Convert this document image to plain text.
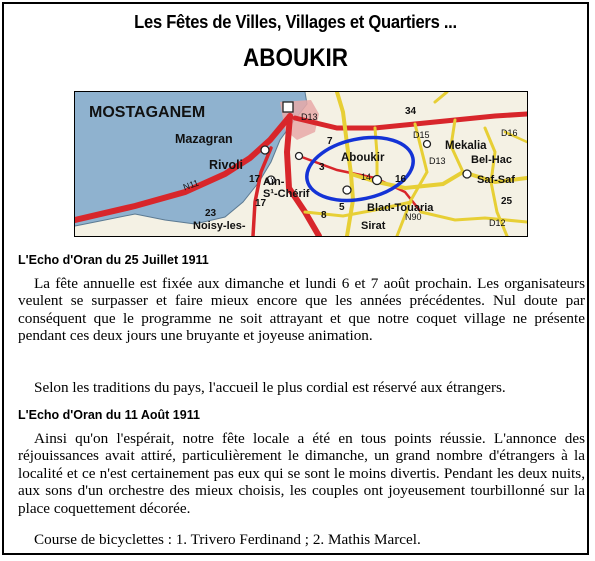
Les Fêtes de Villes, Villages et Quartiers ...
ABOUKIR
MOSTAGANEM
Mazagran
Rivoli
Aïn-
S¹-Chérif
Noisy-les-
Aboukir
Mekalia
Bel-Hac
Saf-Saf
Blad-Touaria
Sirat
D13
D13
D15	D16
N11
N90
D12
23
17
17
7
5
8
3
14 16
34
25
L'Echo d'Oran du 25 Juillet 1911

La fête annuelle est fixée aux dimanche et lundi 6 et 7 août prochain. Les organisateurs veulent se surpasser et faire mieux encore que les années précédentes. Nul doute par conséquent que le programme ne soit attrayant et que notre coquet village ne présente pendant ces deux jours une bruyante et joyeuse animation.

Selon les traditions du pays, l'accueil le plus cordial est réservé aux étrangers.

L'Echo d'Oran du 11 Août 1911

Ainsi qu'on l'espérait, notre fête locale a été en tous points réussie. L'annonce des réjouissances avait attiré, particulièrement le dimanche, un grand nombre d'étrangers à la localité et ce n'est certainement pas eux qui se sont le moins divertis. Pendant les deux nuits, aux sons d'un orchestre des mieux choisis, les couples ont joyeusement tourbillonné sur la place coquettement décorée.

Course de bicyclettes : 1. Trivero Ferdinand ; 2. Mathis Marcel.
